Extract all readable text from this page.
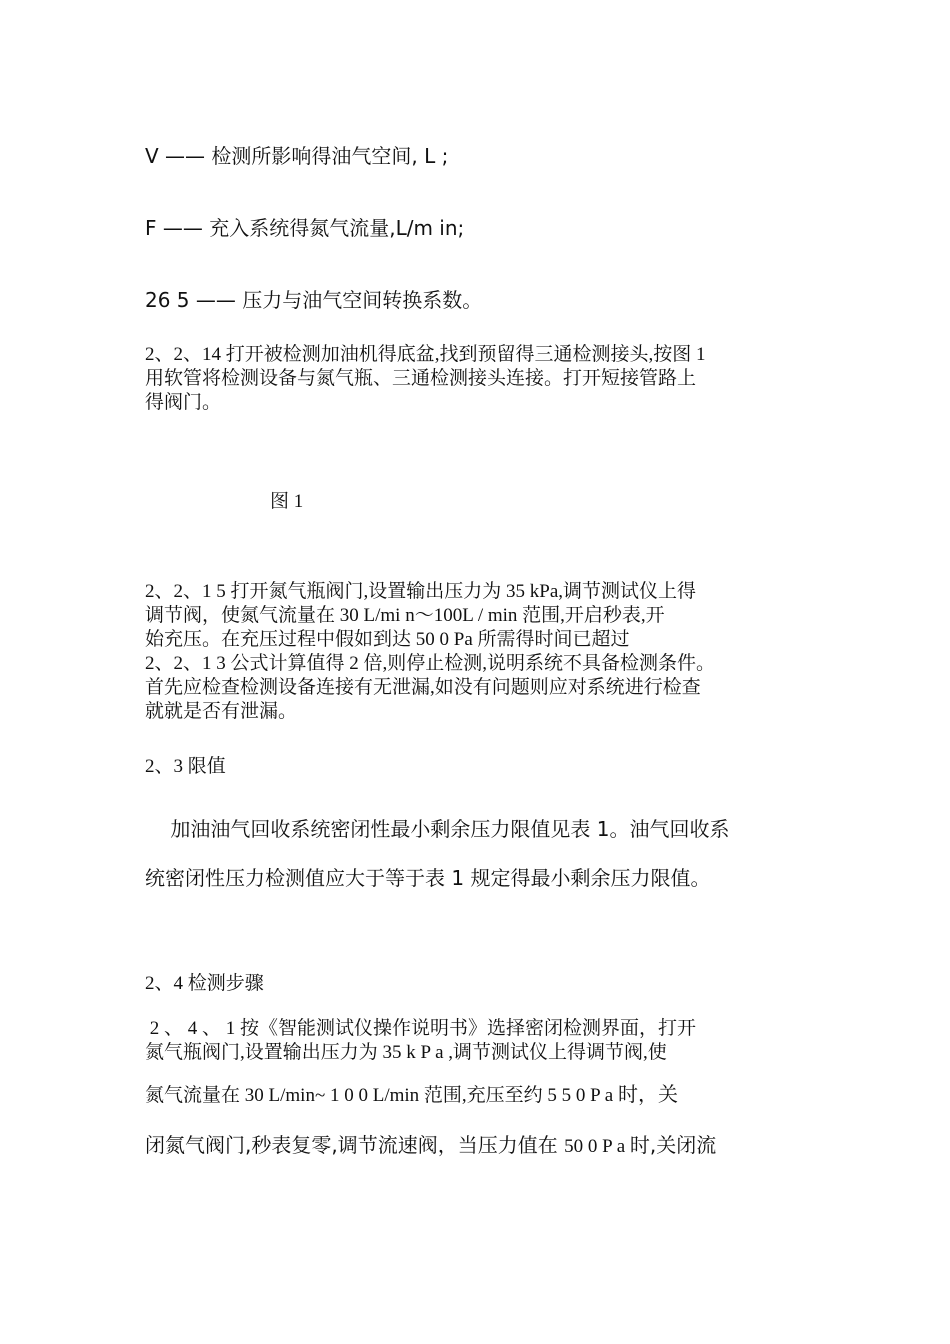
V —— 检测所影响得油气空间, L ;
F —— 充入系统得氮气流量,L/m in;
26 5 —— 压力与油气空间转换系数。

2、2、14 打开被检测加油机得底盆,找到预留得三通检测接头,按图 1

用软管将检测设备与氮气瓶、三通检测接头连接。打开短接管路上

得阀门。

图 1

2、2、1 5 打开氮气瓶阀门,设置输出压力为 35 kPa,调节测试仪上得

调节阀，使氮气流量在 30 L/mi n～100L / min 范围,开启秒表,开

始充压。在充压过程中假如到达 50 0 Pa 所需得时间已超过

2、2、1 3 公式计算值得 2 倍,则停止检测,说明系统不具备检测条件。

首先应检查检测设备连接有无泄漏,如没有问题则应对系统进行检查

就就是否有泄漏。

2、3 限值
加油油气回收系统密闭性最小剩余压力限值见表 1。油气回收系
统密闭性压力检测值应大于等于表 1 规定得最小剩余压力限值。
2、4 检测步骤

2 、 4 、 1 按《智能测试仪操作说明书》选择密闭检测界面，打开

氮气瓶阀门,设置输出压力为 35 k P a ,调节测试仪上得调节阀,使

氮气流量在 30 L/min~ 1 0 0 L/min 范围,充压至约 5 5 0 P a 时，关
闭氮气阀门,秒表复零,调节流速阀，当压力值在 50 0 P a 时,关闭流
